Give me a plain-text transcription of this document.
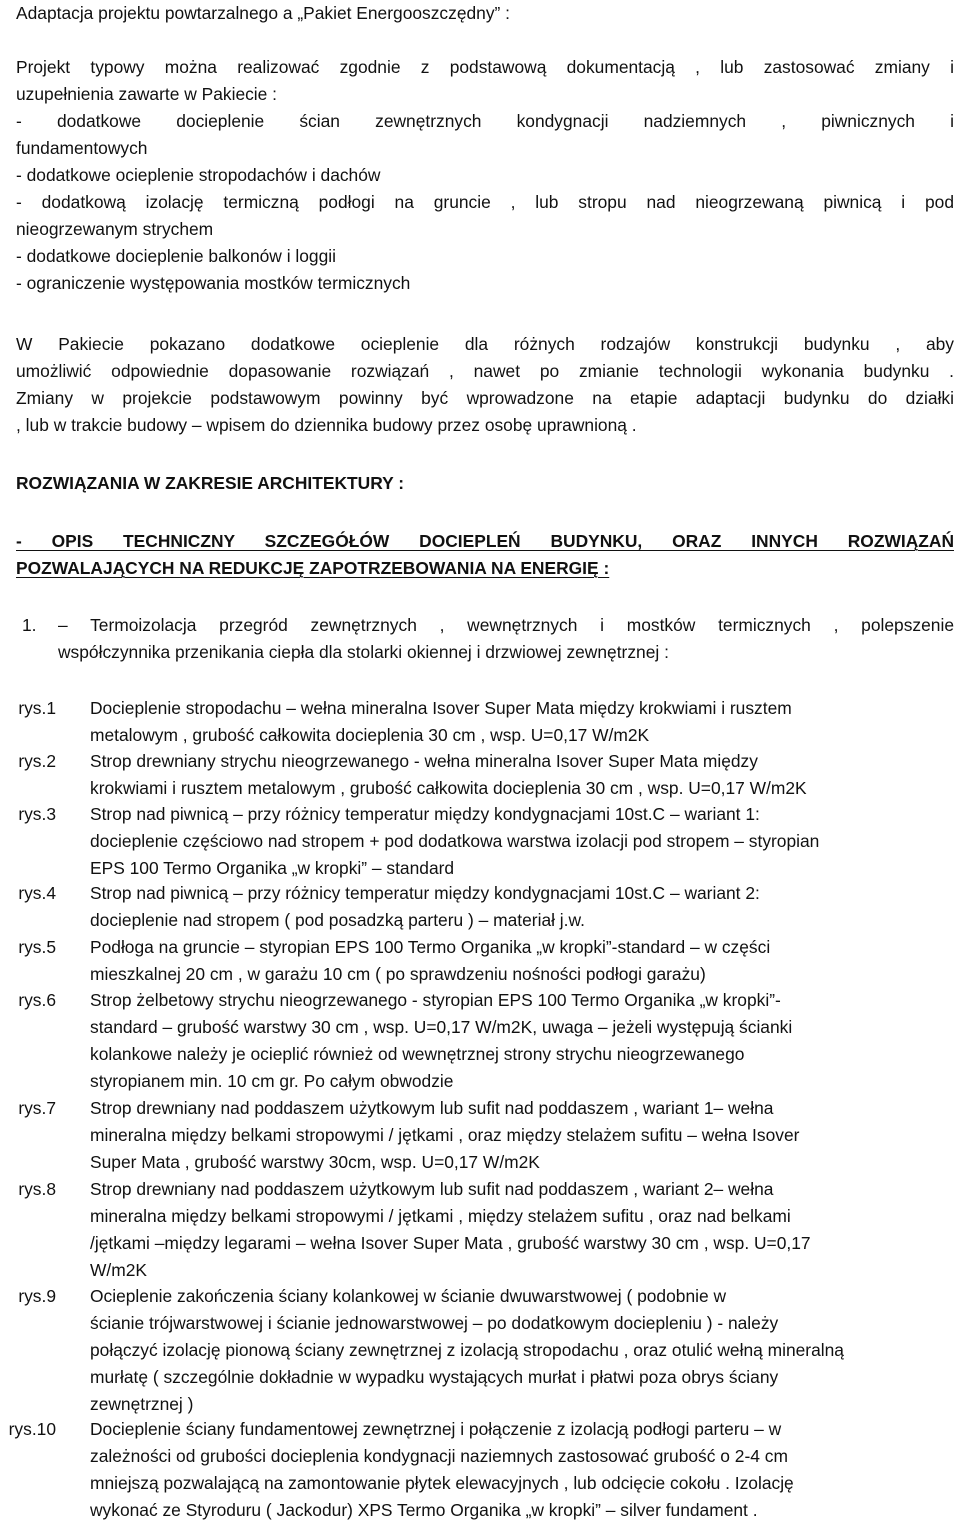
Adaptacja projektu powtarzalnego a „Pakiet Energooszczędny” :
Projekt typowy można realizować zgodnie z podstawową dokumentacją , lub zastosować zmiany i
uzupełnienia zawarte w Pakiecie :
- dodatkowe docieplenie ścian zewnętrznych kondygnacji nadziemnych , piwnicznych i
fundamentowych
- dodatkowe ocieplenie stropodachów i dachów
- dodatkową izolację termiczną podłogi na gruncie , lub stropu nad nieogrzewaną piwnicą i pod
nieogrzewanym strychem
- dodatkowe docieplenie balkonów i loggii
- ograniczenie występowania mostków termicznych
W Pakiecie pokazano dodatkowe ocieplenie dla różnych rodzajów konstrukcji budynku , aby
umożliwić odpowiednie dopasowanie rozwiązań , nawet po zmianie technologii wykonania budynku .
Zmiany w projekcie podstawowym powinny być wprowadzone na etapie adaptacji budynku do działki
, lub w trakcie budowy – wpisem do dziennika budowy przez osobę uprawnioną .
ROZWIĄZANIA W ZAKRESIE ARCHITEKTURY :
- OPIS TECHNICZNY SZCZEGÓŁÓW DOCIEPLEŃ BUDYNKU, ORAZ INNYCH ROZWIĄZAŃ
POZWALAJĄCYCH NA REDUKCJĘ ZAPOTRZEBOWANIA NA ENERGIĘ :
1. – Termoizolacja przegród zewnętrznych , wewnętrznych i mostków termicznych , polepszenie
współczynnika przenikania ciepła dla stolarki okiennej i drzwiowej zewnętrznej :
rys.1 Docieplenie stropodachu – wełna mineralna Isover Super Mata między krokwiami i rusztem
metalowym , grubość całkowita docieplenia 30 cm , wsp. U=0,17 W/m2K
rys.2 Strop drewniany strychu nieogrzewanego - wełna mineralna Isover Super Mata między
krokwiami i rusztem metalowym , grubość całkowita docieplenia 30 cm , wsp. U=0,17 W/m2K
rys.3 Strop nad piwnicą – przy różnicy temperatur między kondygnacjami 10st.C – wariant 1:
docieplenie częściowo nad stropem + pod dodatkowa warstwa izolacji pod stropem – styropian
EPS 100 Termo Organika „w kropki” – standard
rys.4 Strop nad piwnicą – przy różnicy temperatur między kondygnacjami 10st.C – wariant 2:
docieplenie nad stropem ( pod posadzką parteru ) – materiał j.w.
rys.5 Podłoga na gruncie – styropian EPS 100 Termo Organika „w kropki”-standard – w części
mieszkalnej 20 cm , w garażu 10 cm ( po sprawdzeniu nośności podłogi garażu)
rys.6 Strop żelbetowy strychu nieogrzewanego - styropian EPS 100 Termo Organika „w kropki”-
standard – grubość warstwy 30 cm , wsp. U=0,17 W/m2K, uwaga – jeżeli występują ścianki
kolankowe należy je ocieplić również od wewnętrznej strony strychu nieogrzewanego
styropianem min. 10 cm gr. Po całym obwodzie
rys.7 Strop drewniany nad poddaszem użytkowym lub sufit nad poddaszem , wariant 1– wełna
mineralna między belkami stropowymi / jętkami , oraz między stelażem sufitu – wełna Isover
Super Mata , grubość warstwy 30cm, wsp. U=0,17 W/m2K
rys.8 Strop drewniany nad poddaszem użytkowym lub sufit nad poddaszem , wariant 2– wełna
mineralna między belkami stropowymi / jętkami , między stelażem sufitu , oraz nad belkami
/jętkami –między legarami – wełna Isover Super Mata , grubość warstwy 30 cm , wsp. U=0,17
W/m2K
rys.9 Ocieplenie zakończenia ściany kolankowej w ścianie dwuwarstwowej ( podobnie w
ścianie trójwarstwowej i ścianie jednowarstwowej – po dodatkowym dociepleniu ) - należy
połączyć izolację pionową ściany zewnętrznej z izolacją stropodachu , oraz otulić wełną mineralną
murłatę ( szczególnie dokładnie w wypadku wystających murłat i płatwi poza obrys ściany
zewnętrznej )
rys.10 Docieplenie ściany fundamentowej zewnętrznej i połączenie z izolacją podłogi parteru – w
zależności od grubości docieplenia kondygnacji naziemnych zastosować grubość o 2-4 cm
mniejszą pozwalającą na zamontowanie płytek elewacyjnych , lub odcięcie cokołu . Izolację
wykonać ze Styroduru ( Jackodur) XPS Termo Organika „w kropki” – silver fundament .
